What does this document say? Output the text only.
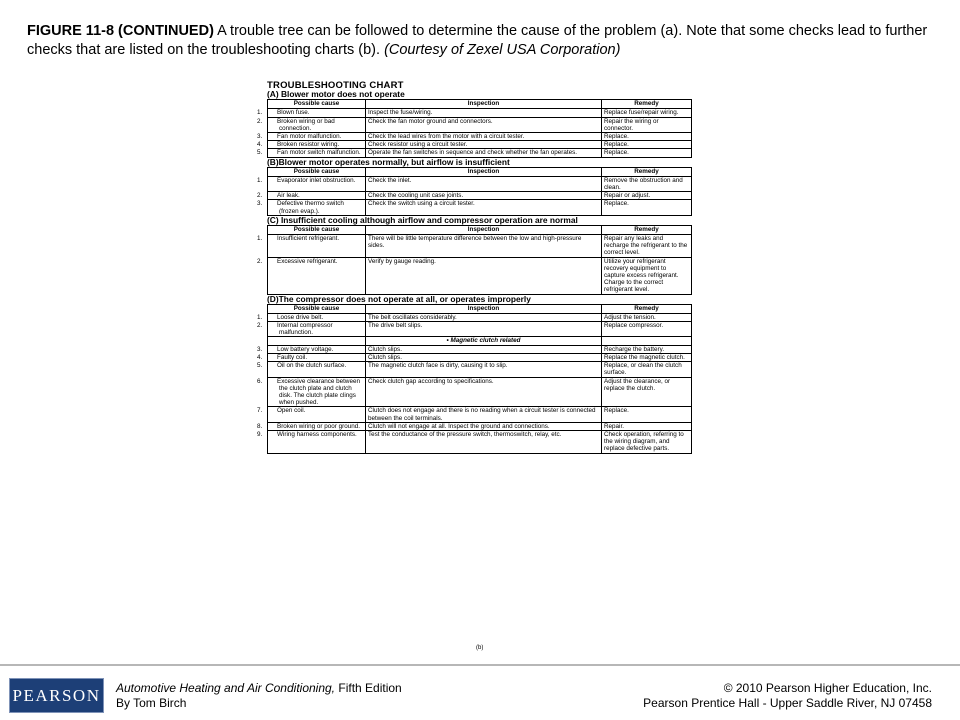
FIGURE 11-8 (CONTINUED) A trouble tree can be followed to determine the cause of the problem (a). Note that some checks lead to further checks that are listed on the troubleshooting charts (b). (Courtesy of Zexel USA Corporation)
TROUBLESHOOTING CHART
(A) Blower motor does not operate
Possible cause	Inspection	Remedy
1. Blown fuse.	Inspect the fuse/wiring.	Replace fuse/repair wiring.
2. Broken wiring or bad connection.	Check the fan motor ground and connectors.	Repair the wiring or connector.
3. Fan motor malfunction.	Check the lead wires from the motor with a circuit tester.	Replace.
4. Broken resistor wiring.	Check resistor using a circuit tester.	Replace.
5. Fan motor switch malfunction.	Operate the fan switches in sequence and check whether the fan operates.	Replace.
(B)Blower motor operates normally, but airflow is insufficient
Possible cause	Inspection	Remedy
1. Evaporator inlet obstruction.	Check the inlet.	Remove the obstruction and clean.
2. Air leak.	Check the cooling unit case joints.	Repair or adjust.
3. Defective thermo switch (frozen evap.).	Check the switch using a circuit tester.	Replace.
(C) Insufficient cooling although airflow and compressor operation are normal
Possible cause	Inspection	Remedy
1. Insufficient refrigerant.	There will be little temperature difference between the low and high-pressure sides.	Repair any leaks and recharge the refrigerant to the correct level.
2. Excessive refrigerant.	Verify by gauge reading.	Utilize your refrigerant recovery equipment to capture excess refrigerant. Charge to the correct refrigerant level.
(D)The compressor does not operate at all, or operates improperly
Possible cause	Inspection	Remedy
1. Loose drive belt.	The belt oscillates considerably.	Adjust the tension.
2. Internal compressor malfunction.	The drive belt slips.	Replace compressor.
	• Magnetic clutch related	
3. Low battery voltage.	Clutch slips.	Recharge the battery.
4. Faulty coil.	Clutch slips.	Replace the magnetic clutch.
5. Oil on the clutch surface.	The magnetic clutch face is dirty, causing it to slip.	Replace, or clean the clutch surface.
6. Excessive clearance between the clutch plate and clutch disk. The clutch plate clings when pushed.	Check clutch gap according to specifications.	Adjust the clearance, or replace the clutch.
7. Open coil.	Clutch does not engage and there is no reading when a circuit tester is connected between the coil terminals.	Replace.
8. Broken wiring or poor ground.	Clutch will not engage at all. Inspect the ground and connections.	Repair.
9. Wiring harness components.	Test the conductance of the pressure switch, thermoswitch, relay, etc.	Check operation, referring to the wiring diagram, and replace defective parts.
(b)
PEARSON Automotive Heating and Air Conditioning, Fifth Edition
By Tom Birch
© 2010 Pearson Higher Education, Inc.
Pearson Prentice Hall - Upper Saddle River, NJ 07458
